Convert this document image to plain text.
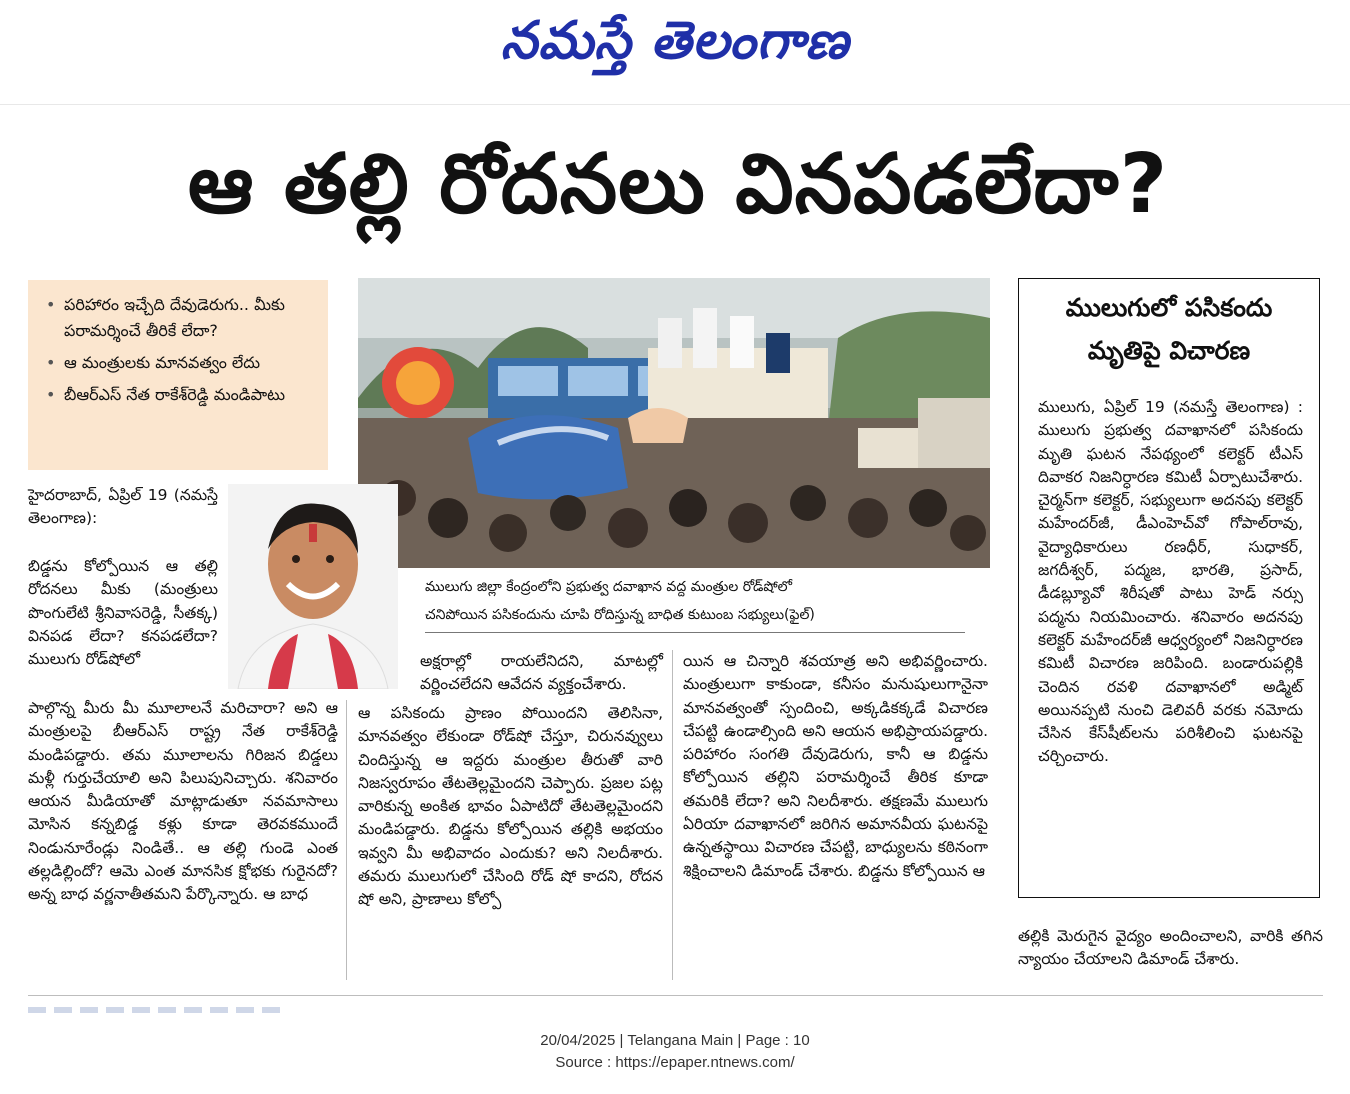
నమస్తే తెలంగాణ
ఆ తల్లి రోదనలు వినపడలేదా?
• పరిహారం ఇచ్చేది దేవుడెరుగు.. మీకు పరామర్శించే తీరికే లేదా?
• ఆ మంత్రులకు మానవత్వం లేదు
• బీఆర్ఎస్ నేత రాకేశ్‌రెడ్డి మండిపాటు
ములుగు జిల్లా కేంద్రంలోని ప్రభుత్వ దవాఖాన వద్ద మంత్రుల రోడ్‌షోలో
చనిపోయిన పసికందును చూపి రోదిస్తున్న బాధిత కుటుంబ సభ్యులు(ఫైల్)
హైదరాబాద్, ఏప్రిల్ 19 (నమస్తే తెలంగాణ):
బిడ్డను కోల్పోయిన ఆ తల్లి రోదనలు మీకు (మంత్రులు పొంగులేటి శ్రీనివాసరెడ్డి, సీతక్క) వినపడ లేదా? కనపడలేదా? ములుగు రోడ్‌షోలో
పాల్గొన్న మీరు మీ మూలాలనే మరిచారా? అని ఆ మంత్రులపై బీఆర్ఎస్ రాష్ట్ర నేత రాకేశ్‌రెడ్డి మండిపడ్డారు. తమ మూలాలను గిరిజన బిడ్డలు మళ్లీ గుర్తుచేయాలి అని పిలుపునిచ్చారు. శనివారం ఆయన మీడియాతో మాట్లాడుతూ నవమాసాలు మోసిన కన్నబిడ్డ కళ్లు కూడా తెరవకముందే నిండునూరేండ్లు నిండితే.. ఆ తల్లి గుండె ఎంత తల్లడిల్లిందో? ఆమె ఎంత మానసిక క్షోభకు గురైనదో? అన్న బాధ వర్ణనాతీతమని పేర్కొన్నారు. ఆ బాధ
అక్షరాల్లో రాయలేనిదని, మాటల్లో వర్ణించలేదని ఆవేదన వ్యక్తంచేశారు.
ఆ పసికందు ప్రాణం పోయిందని తెలిసినా, మానవత్వం లేకుండా రోడ్‌షో చేస్తూ, చిరునవ్వులు చిందిస్తున్న ఆ ఇద్దరు మంత్రుల తీరుతో వారి నిజస్వరూపం తేటతెల్లమైందని చెప్పారు. ప్రజల పట్ల వారికున్న అంకిత భావం ఏపాటిదో తేటతెల్లమైందని మండిపడ్డారు. బిడ్డను కోల్పోయిన తల్లికి అభయం ఇవ్వని మీ అభివాదం ఎందుకు? అని నిలదీశారు. తమరు ములుగులో చేసింది రోడ్ షో కాదని, రోదన షో అని, ప్రాణాలు కోల్పో
యిన ఆ చిన్నారి శవయాత్ర అని అభివర్ణించారు. మంత్రులుగా కాకుండా, కనీసం మనుషులుగానైనా మానవత్వంతో స్పందించి, అక్కడికక్కడే విచారణ చేపట్టి ఉండాల్సింది అని ఆయన అభిప్రాయపడ్డారు. పరిహారం సంగతి దేవుడెరుగు, కానీ ఆ బిడ్డను కోల్పోయిన తల్లిని పరామర్శించే తీరిక కూడా తమరికి లేదా? అని నిలదీశారు. తక్షణమే ములుగు ఏరియా దవాఖానలో జరిగిన అమానవీయ ఘటనపై ఉన్నతస్థాయి విచారణ చేపట్టి, బాధ్యులను కఠినంగా శిక్షించాలని డిమాండ్ చేశారు. బిడ్డను కోల్పోయిన ఆ
ములుగులో పసికందు
మృతిపై విచారణ
ములుగు, ఏప్రిల్ 19 (నమస్తే తెలంగాణ) : ములుగు ప్రభుత్వ దవాఖానలో పసికందు మృతి ఘటన నేపథ్యంలో కలెక్టర్ టీఎస్ దివాకర నిజనిర్ధారణ కమిటీ ఏర్పాటుచేశారు. చైర్మన్‌గా కలెక్టర్, సభ్యులుగా అదనపు కలెక్టర్ మహేందర్‌జీ, డీఎంహెచ్‌వో గోపాల్‌రావు, వైద్యాధికారులు రణధీర్, సుధాకర్, జగదీశ్వర్, పద్మజ, భారతి, ప్రసాద్, డీడబ్ల్యూవో శిరీషతో పాటు హెడ్ నర్సు పద్మను నియమించారు. శనివారం అదనపు కలెక్టర్ మహేందర్‌జీ ఆధ్వర్యంలో నిజనిర్ధారణ కమిటీ విచారణ జరిపింది. బండారుపల్లికి చెందిన రవళి దవాఖానలో అడ్మిట్ అయినప్పటి నుంచి డెలివరీ వరకు నమోదు చేసిన కేస్‌షీట్‌లను పరిశీలించి ఘటనపై చర్చించారు.
తల్లికి మెరుగైన వైద్యం అందించాలని, వారికి తగిన న్యాయం చేయాలని డిమాండ్ చేశారు.
20/04/2025 | Telangana Main | Page : 10
Source : https://epaper.ntnews.com/
